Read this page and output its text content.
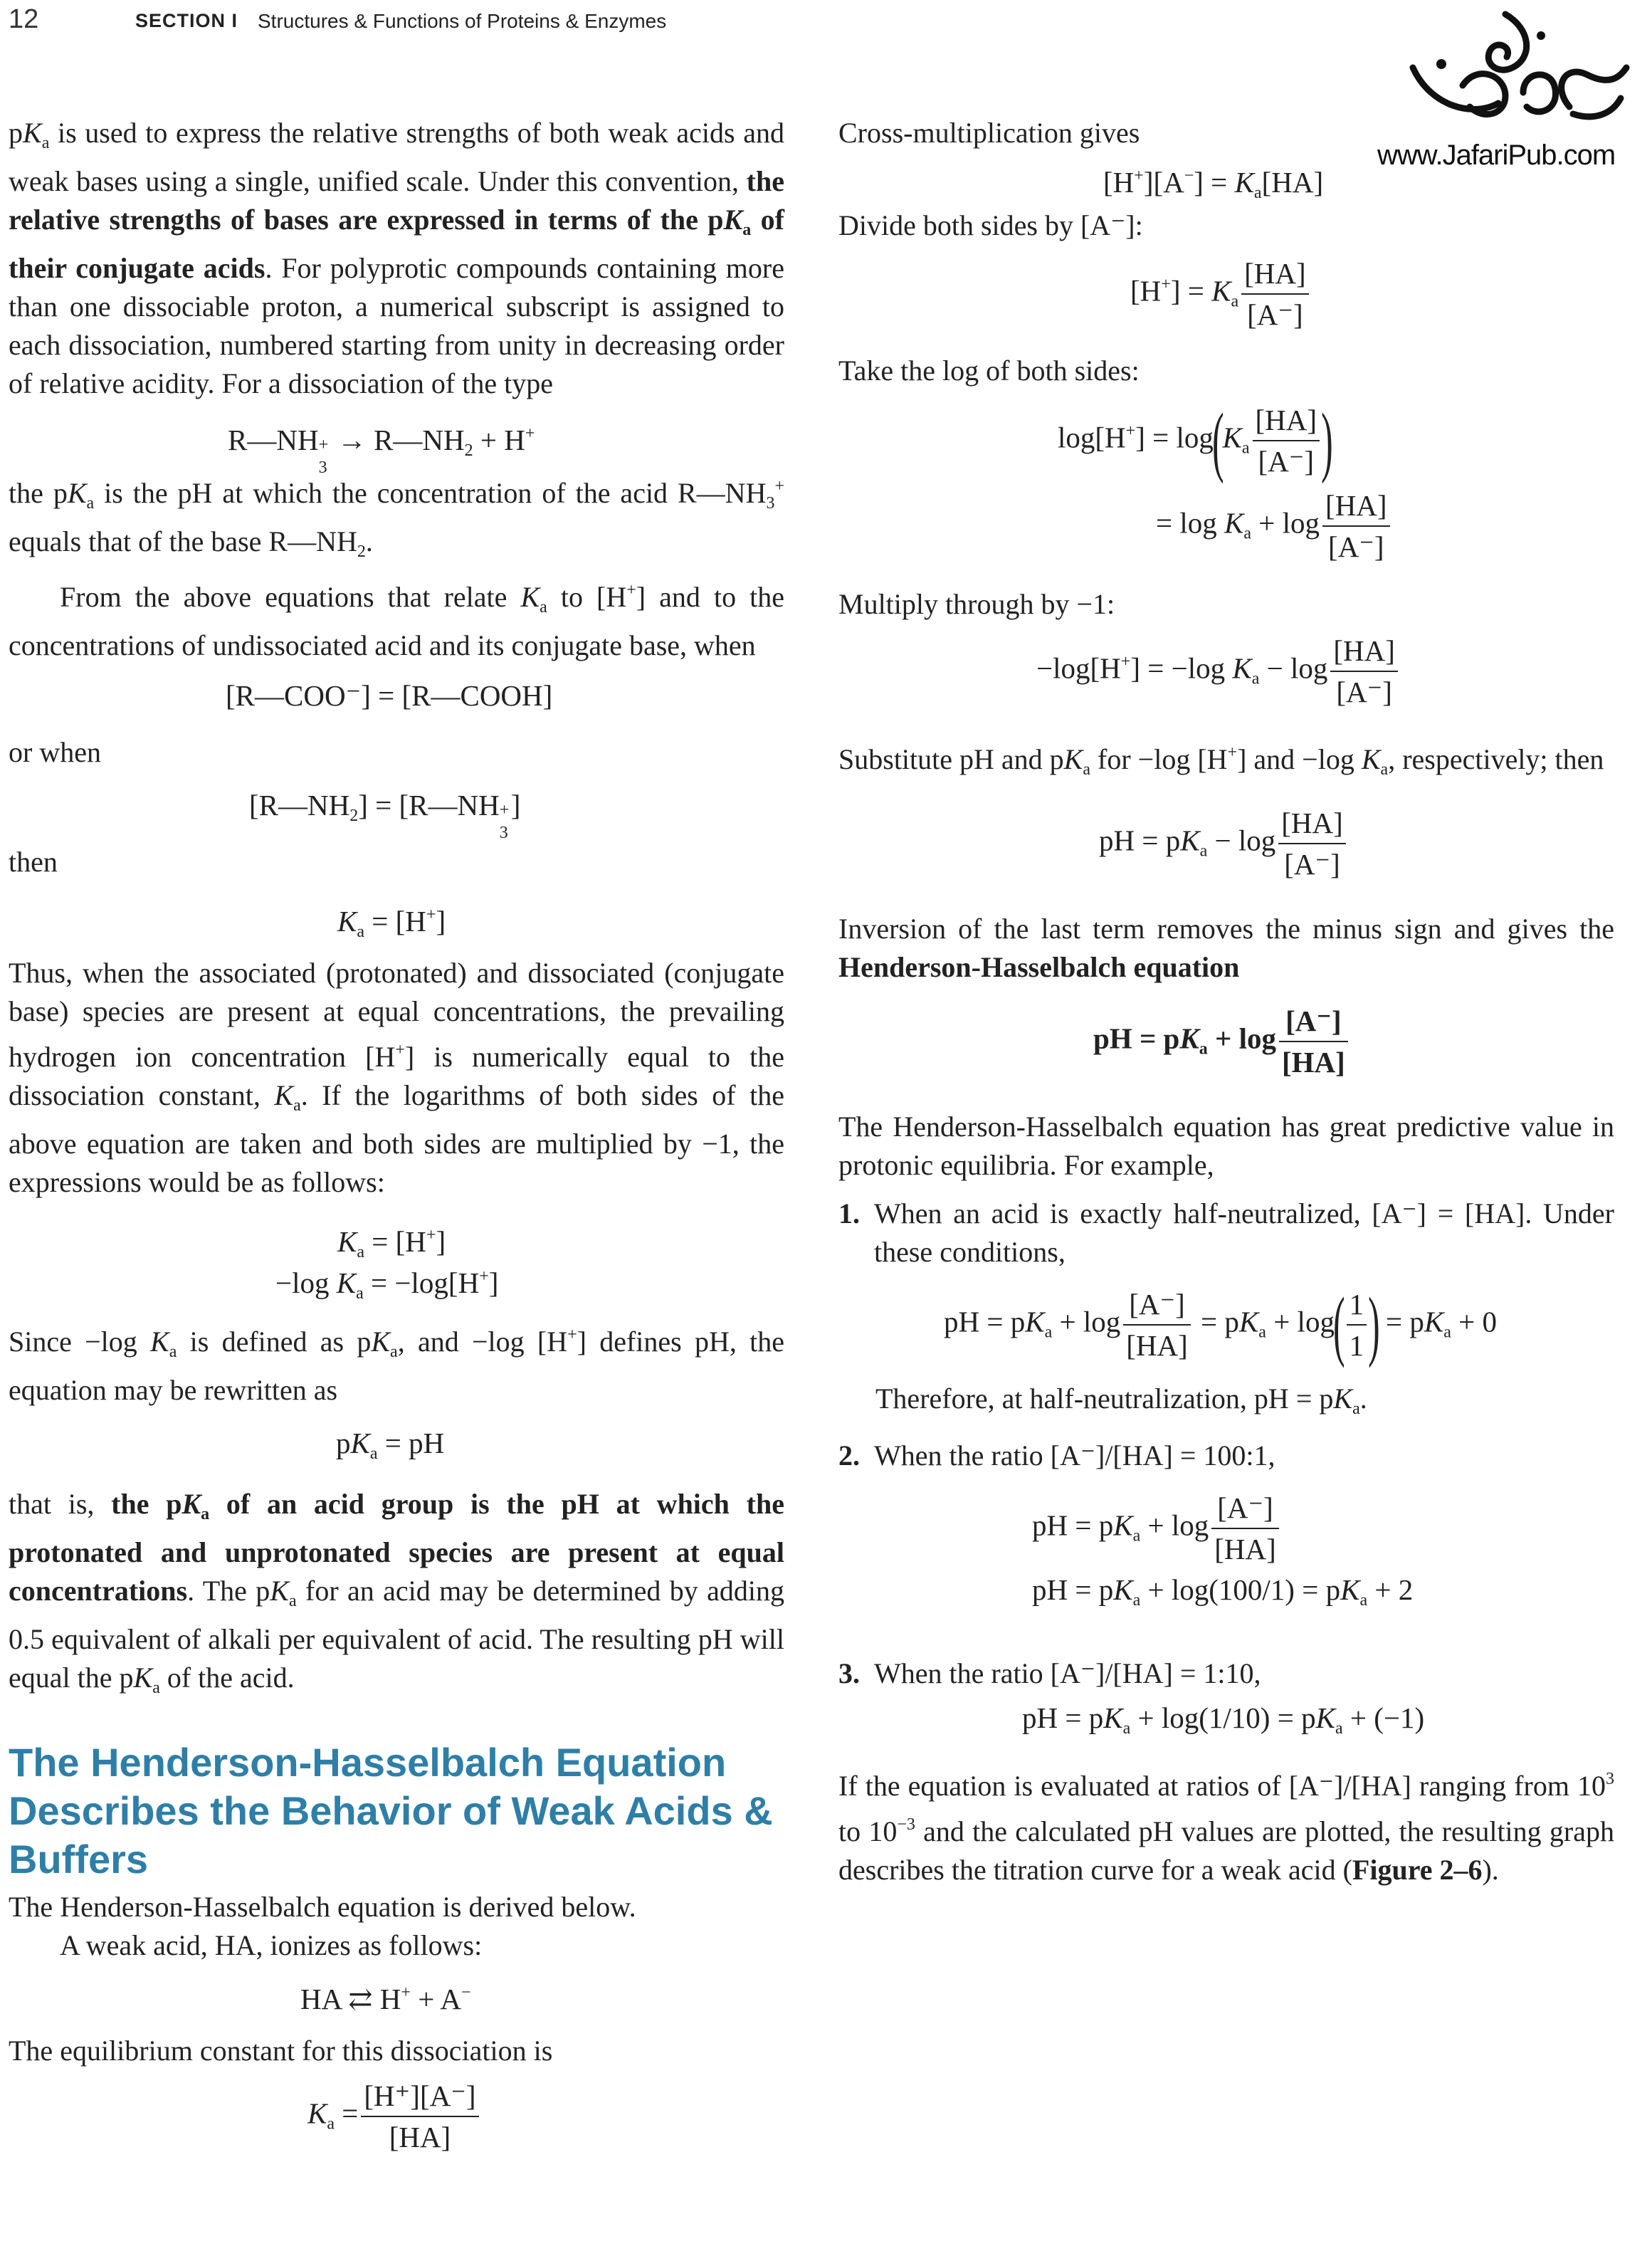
12	SECTION I Structures & Functions of Proteins & Enzymes
www.JafariPub.com

$pK_a$ is used to express the relative strengths of both weak acids and weak bases using a single, unified scale. Under this convention, the relative strengths of bases are expressed in terms of the $pK_a$ of their conjugate acids. For polyprotic compounds containing more than one dissociable proton, a numerical subscript is assigned to each dissociation, numbered starting from unity in decreasing order of relative acidity. For a dissociation of the type

R—NH +
3
→ $R—NH_2 + H^+$

the $pK_a$ is the pH at which the concentration of the acid $R—NH_3^+$ equals that of the base $R—NH_2$.

From the above equations that relate $K_a$ to [H+] and to the concentrations of undissociated acid and its conjugate base, when

[R—COO⁻] = [R—COOH]

or when

$[R—NH_2]$ = [R—NH +
3
]

then

$K_a = [H^+]$

Thus, when the associated (protonated) and dissociated (conjugate base) species are present at equal concentrations, the prevailing hydrogen ion concentration [H+] is numerically equal to the dissociation constant, $K_a$. If the logarithms of both sides of the above equation are taken and both sides are multiplied by −1, the expressions would be as follows:

$K_a = [H^+]$
−log $K_a = -\log[H^+]$

Since −log $K_a$ is defined as $pK_a$, and −log [H+] defines pH, the equation may be rewritten as

$pK_a$ = pH

that is, the $pK_a$ of an acid group is the pH at which the protonated and unprotonated species are present at equal concentrations. The $pK_a$ for an acid may be determined by adding 0.5 equivalent of alkali per equivalent of acid. The resulting pH will equal the $pK_a$ of the acid.

The Henderson-Hasselbalch Equation Describes the Behavior of Weak Acids & Buffers

The Henderson-Hasselbalch equation is derived below.

A weak acid, HA, ionizes as follows:

HA ⇄ H+ + A−

The equilibrium constant for this dissociation is

$K_a = \frac{[H^+][A^-]}{[HA]}$

Cross-multiplication gives

$[H^+][A^-] = K_a[HA]$

Divide both sides by [A⁻]:

$[H^+] = K_a \frac{[HA]}{[A^-]}$

Take the log of both sides:

$\log[H^+] = \log(K_a \frac{[HA]}{[A^-]}$ )
= $\log K_a + \log \frac{[HA]}{[A^-]}$

Multiply through by −1:

−log[H+] = −log $K_a - \log \frac{[HA]}{[A^-]}$

Substitute pH and $pK_a$ for −log [H+] and −log $K_a$, respectively; then

pH = $pK_a - \log \frac{[HA]}{[A^-]}$

Inversion of the last term removes the minus sign and gives the Henderson-Hasselbalch equation

pH = $pK_a + \log \frac{[A^-]}{[HA]}$

The Henderson-Hasselbalch equation has great predictive value in protonic equilibria. For example,

1. When an acid is exactly half-neutralized, [A⁻] = [HA]. Under these conditions,

pH = $pK_a + \log \frac{[A^-]}{[HA]} = pK_a + \log( \frac{1}{1}$ ) = $pK_a + 0$

Therefore, at half-neutralization, pH = $pK_a$.

2. When the ratio [A⁻]/[HA] = 100:1,

pH = $pK_a + \log \frac{[A^-]}{[HA]}$
pH = $pK_a + \log(100/1) = pK_a + 2$
3. When the ratio [A⁻]/[HA] = 1:10,

pH = $pK_a + \log(1/10) = pK_a + (-1)$

If the equation is evaluated at ratios of [A⁻]/[HA] ranging from $10^3$ to $10^{-3}$ and the calculated pH values are plotted, the resulting graph describes the titration curve for a weak acid (Figure 2–6).
